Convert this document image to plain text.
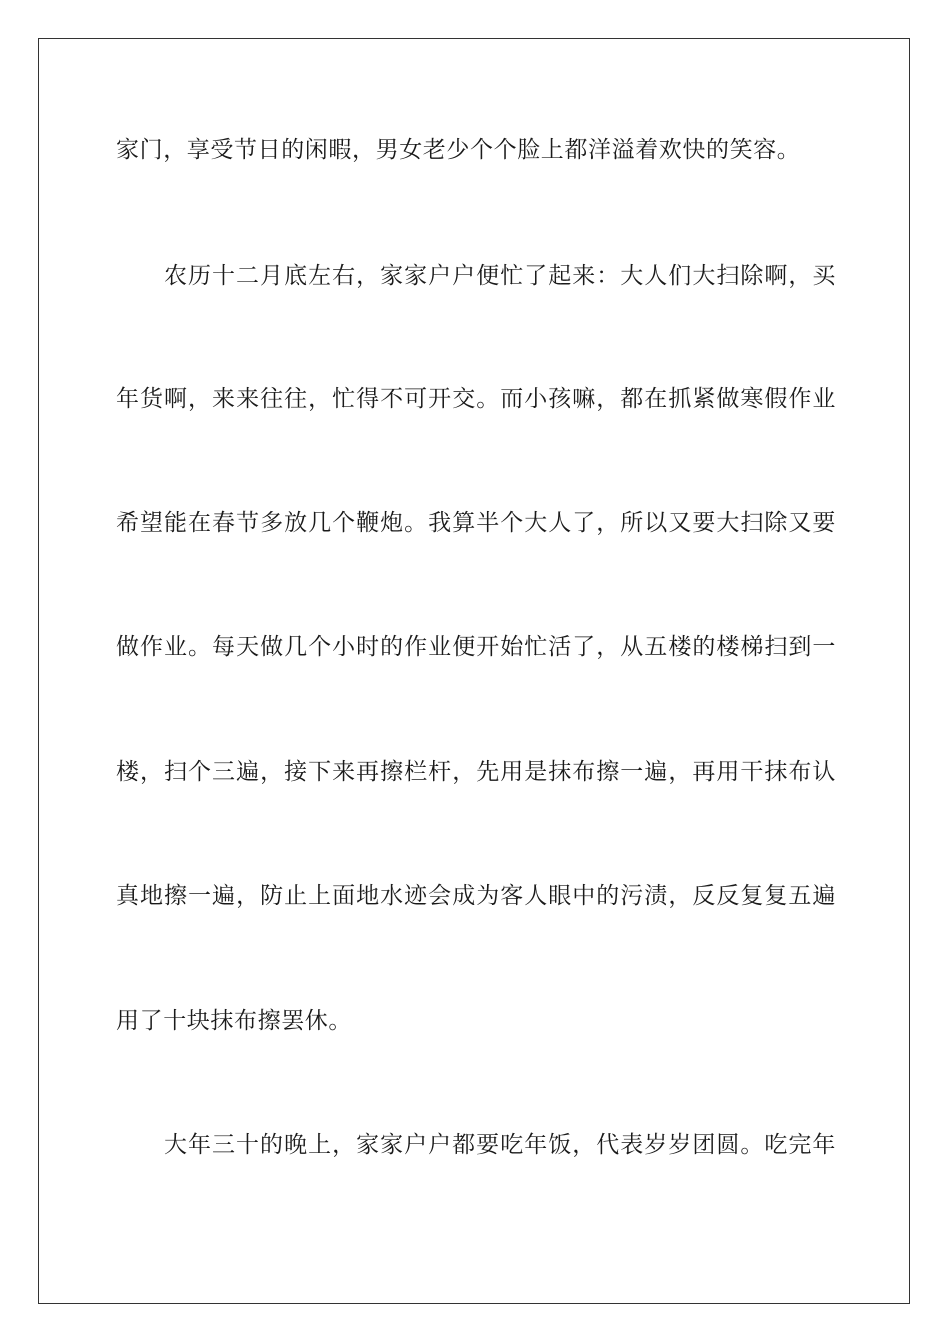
家门，享受节日的闲暇，男女老少个个脸上都洋溢着欢快的笑容。

农历十二月底左右，家家户户便忙了起来：大人们大扫除啊，买

年货啊，来来往往，忙得不可开交。而小孩嘛，都在抓紧做寒假作业

希望能在春节多放几个鞭炮。我算半个大人了，所以又要大扫除又要

做作业。每天做几个小时的作业便开始忙活了，从五楼的楼梯扫到一

楼，扫个三遍，接下来再擦栏杆，先用是抹布擦一遍，再用干抹布认

真地擦一遍，防止上面地水迹会成为客人眼中的污渍，反反复复五遍

用了十块抹布擦罢休。

大年三十的晚上，家家户户都要吃年饭，代表岁岁团圆。吃完年
